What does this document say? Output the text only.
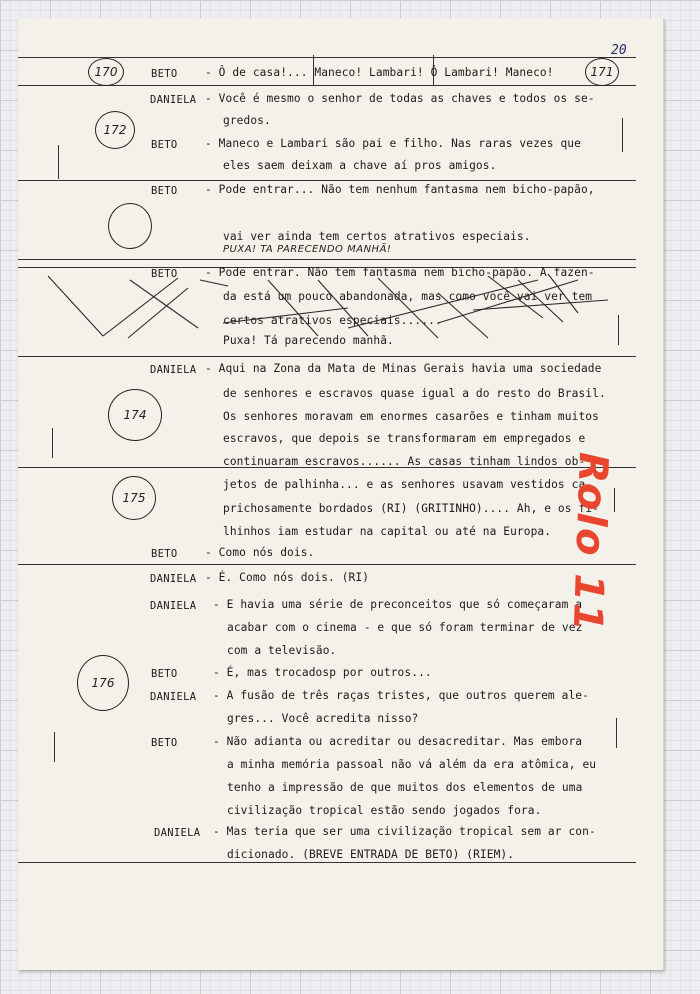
20
170	171
172
174
175
176
BETO - Ô de casa!... Maneco! Lambari! Ô Lambari! Maneco!
DANIELA - Você é mesmo o senhor de todas as chaves e todos os se-
gredos.
BETO - Maneco e Lambari são pai e filho. Nas raras vezes que
eles saem deixam a chave aí pros amigos.
BETO - Pode entrar... Não tem nenhum fantasma nem bicho-papão,
vai ver ainda tem certos atrativos especiais.
PUXA! TA PARECENDO MANHÃ!
BETO - Pode entrar. Não tem fantasma nem bicho-papão. A fazen-
da está um pouco abandonada, mas como você vai ver tem
certos atrativos especiais......
Puxa! Tá parecendo manhã.
DANIELA - Aqui na Zona da Mata de Minas Gerais havia uma sociedade
de senhores e escravos quase igual a do resto do Brasil.
Os senhores moravam em enormes casarões e tinham muitos
escravos, que depois se transformaram em empregados e
continuaram escravos...... As casas tinham lindos ob-
jetos de palhinha... e as senhores usavam vestidos ca-
prichosamente bordados (RI) (GRITINHO).... Ah, e os fi-
lhinhos iam estudar na capital ou até na Europa.
BETO - Como nós dois.
DANIELA - É. Como nós dois. (RI)
DANIELA - E havia uma série de preconceitos que só começaram a
acabar com o cinema - e que só foram terminar de vez
com a televisão.
BETO	- É, mas trocadosp por outros...
DANIELA - A fusão de três raças tristes, que outros querem ale-
gres... Você acredita nisso?
BETO	- Não adianta ou acreditar ou desacreditar. Mas embora
a minha memória passoal não vá além da era atômica, eu
tenho a impressão de que muitos dos elementos de uma
civilização tropical estão sendo jogados fora.
DANIELA - Mas teria que ser uma civilização tropical sem ar con-
dicionado. (BREVE ENTRADA DE BETO) (RIEM).
Rolo 11
